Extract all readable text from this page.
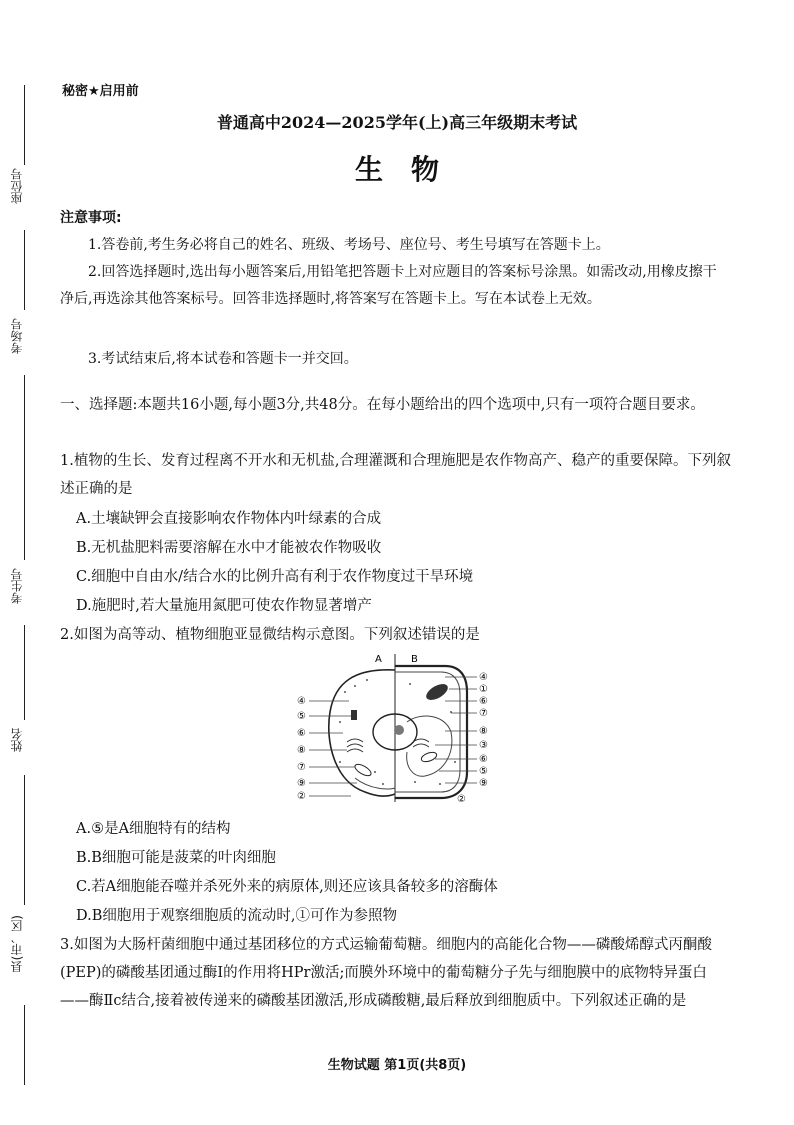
座位号
考场号
考生号
姓名
县(市、区)
秘密★启用前
普通高中2024—2025学年(上)高三年级期末考试
生物
注意事项:
1.答卷前,考生务必将自己的姓名、班级、考场号、座位号、考生号填写在答题卡上。
2.回答选择题时,选出每小题答案后,用铅笔把答题卡上对应题目的答案标号涂黑。如需改动,用橡皮擦干净后,再选涂其他答案标号。回答非选择题时,将答案写在答题卡上。写在本试卷上无效。
3.考试结束后,将本试卷和答题卡一并交回。
一、选择题:本题共16小题,每小题3分,共48分。在每小题给出的四个选项中,只有一项符合题目要求。
1.植物的生长、发育过程离不开水和无机盐,合理灌溉和合理施肥是农作物高产、稳产的重要保障。下列叙述正确的是
A.土壤缺钾会直接影响农作物体内叶绿素的合成
B.无机盐肥料需要溶解在水中才能被农作物吸收
C.细胞中自由水/结合水的比例升高有利于农作物度过干旱环境
D.施肥时,若大量施用氮肥可使农作物显著增产
2.如图为高等动、植物细胞亚显微结构示意图。下列叙述错误的是
A	B
④
⑤
⑥
⑧
⑦
⑨
②
④
①
⑥
⑦
⑧
③
⑥
⑤
⑨
②
A.⑤是A细胞特有的结构
B.B细胞可能是菠菜的叶肉细胞
C.若A细胞能吞噬并杀死外来的病原体,则还应该具备较多的溶酶体
D.B细胞用于观察细胞质的流动时,①可作为参照物
3.如图为大肠杆菌细胞中通过基团移位的方式运输葡萄糖。细胞内的高能化合物——磷酸烯醇式丙酮酸(PEP)的磷酸基团通过酶Ⅰ的作用将HPr激活;而膜外环境中的葡萄糖分子先与细胞膜中的底物特异蛋白——酶Ⅱc结合,接着被传递来的磷酸基团激活,形成磷酸糖,最后释放到细胞质中。下列叙述正确的是
生物试题 第1页(共8页)
